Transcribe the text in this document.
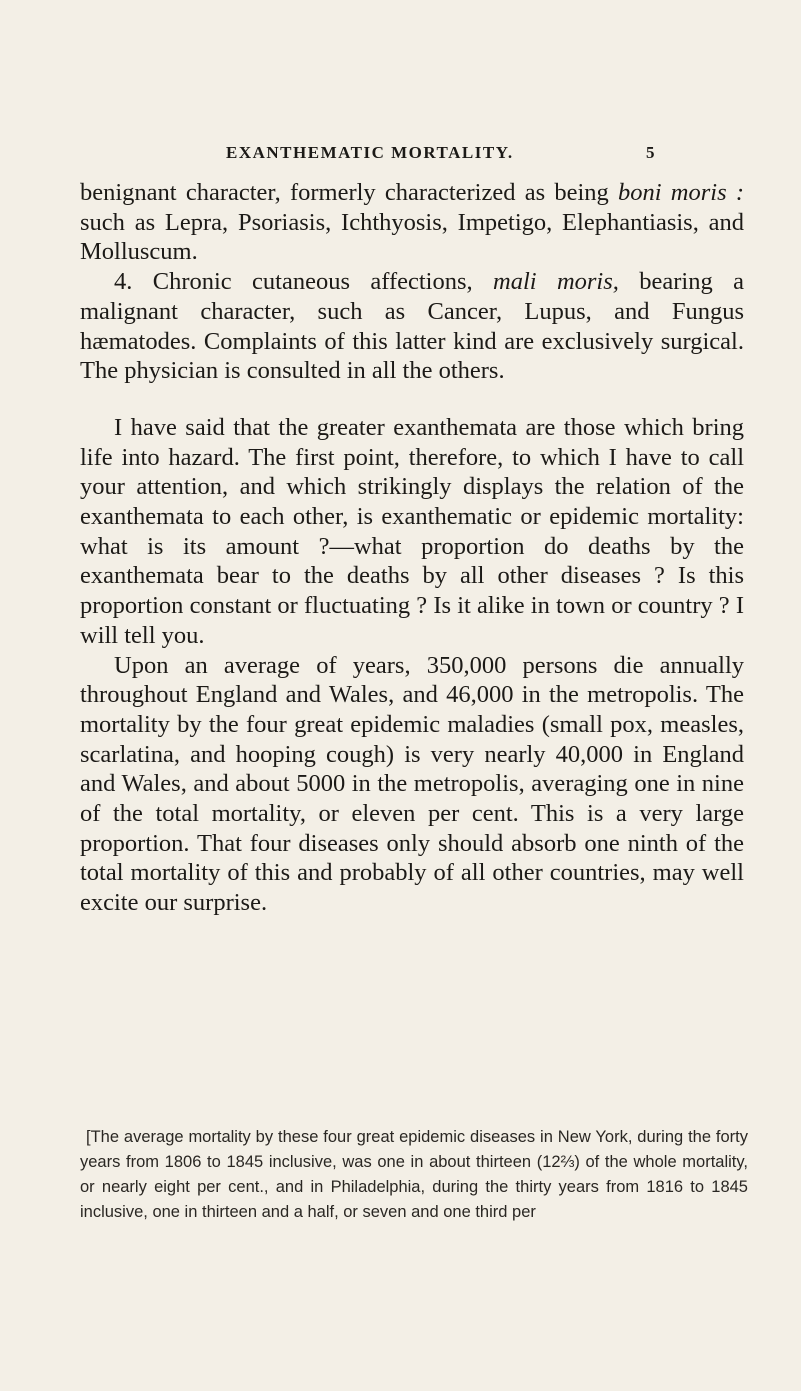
EXANTHEMATIC MORTALITY.	5

benignant character, formerly characterized as being boni moris : such as Lepra, Psoriasis, Ichthyosis, Impetigo, Elephantiasis, and Molluscum.

4. Chronic cutaneous affections, mali moris, bearing a malignant character, such as Cancer, Lupus, and Fungus hæmatodes. Complaints of this latter kind are exclusively surgical. The physician is consulted in all the others.

I have said that the greater exanthemata are those which bring life into hazard. The first point, therefore, to which I have to call your attention, and which strikingly displays the relation of the exanthemata to each other, is exanthematic or epidemic mortality: what is its amount ?—what proportion do deaths by the exanthemata bear to the deaths by all other diseases ? Is this proportion constant or fluctuating ? Is it alike in town or country ? I will tell you.

Upon an average of years, 350,000 persons die annually throughout England and Wales, and 46,000 in the metropolis. The mortality by the four great epidemic maladies (small pox, measles, scarlatina, and hooping cough) is very nearly 40,000 in England and Wales, and about 5000 in the metropolis, averaging one in nine of the total mortality, or eleven per cent. This is a very large proportion. That four diseases only should absorb one ninth of the total mortality of this and probably of all other countries, may well excite our surprise.

[The average mortality by these four great epidemic diseases in New York, during the forty years from 1806 to 1845 inclusive, was one in about thirteen (12⅔) of the whole mortality, or nearly eight per cent., and in Philadelphia, during the thirty years from 1816 to 1845 inclusive, one in thirteen and a half, or seven and one third per
